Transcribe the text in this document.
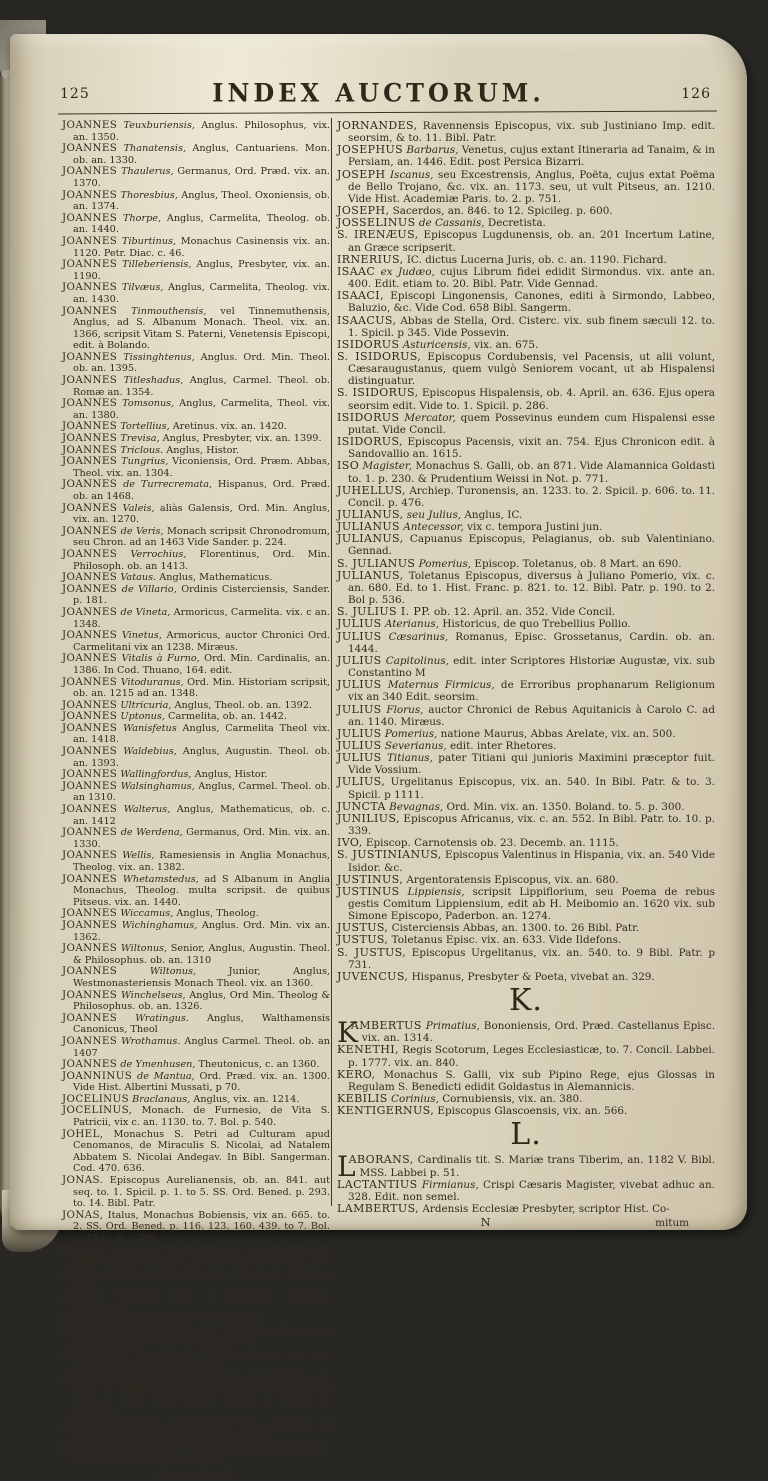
125	INDEX AUCTORUM.	126

JOANNES Teuxburiensis, Anglus. Philosophus, vix. an. 1350.

JOANNES Thanatensis, Anglus, Cantuariens. Mon. ob. an. 1330.

JOANNES Thaulerus, Germanus, Ord. Præd. vix. an. 1370.

JOANNES Thoresbius, Anglus, Theol. Oxoniensis, ob. an. 1374.

JOANNES Thorpe, Anglus, Carmelita, Theolog. ob. an. 1440.

JOANNES Tiburtinus, Monachus Casinensis vix. an. 1120. Petr. Diac. c. 46.

JOANNES Tilleberiensis, Anglus, Presbyter, vix. an. 1190.

JOANNES Tilvæus, Anglus, Carmelita, Theolog. vix. an. 1430.

JOANNES Tinmouthensis, vel Tinnemuthensis, Anglus, ad S. Albanum Monach. Theol. vix. an. 1366, scripsit Vitam S. Paterni, Venetensis Episcopi, edit. à Bolando.

JOANNES Tissinghtenus, Anglus. Ord. Min. Theol. ob. an. 1395.

JOANNES Titleshadus, Anglus, Carmel. Theol. ob. Romæ an. 1354.

JOANNES Tomsonus, Anglus, Carmelita, Theol. vix. an. 1380.

JOANNES Tortellius, Aretinus. vix. an. 1420.

JOANNES Trevisa, Anglus, Presbyter, vix. an. 1399.

JOANNES Triclous. Anglus, Histor.

JOANNES Tungrius, Viconiensis, Ord. Præm. Abbas, Theol. vix. an. 1304.

JOANNES de Turrecremata, Hispanus, Ord. Præd. ob. an 1468.

JOANNES Valeis, aliàs Galensis, Ord. Min. Anglus, vix. an. 1270.

JOANNES de Veris, Monach scripsit Chronodromum, seu Chron. ad an 1463 Vide Sander. p. 224.

JOANNES Verrochius, Florentinus, Ord. Min. Philosoph. ob. an 1413.

JOANNES Vataus. Anglus, Mathematicus.

JOANNES de Villario, Ordinis Cisterciensis, Sander. p. 181.

JOANNES de Vineta, Armoricus, Carmelita. vix. c an. 1348.

JOANNES Vinetus, Armoricus, auctor Chronici Ord. Carmelitani vix an 1238. Miræus.

JOANNES Vitalis à Furno, Ord. Min. Cardinalis, an. 1386. In Cod. Thuano, 164. edit.

JOANNES Vitoduranus, Ord. Min. Historiam scripsit, ob. an. 1215 ad an. 1348.

JOANNES Ultricuria, Anglus, Theol. ob. an. 1392.

JOANNES Uptonus, Carmelita, ob. an. 1442.

JOANNES Wanisfetus Anglus, Carmelita Theol vix. an. 1418.

JOANNES Waldebius, Anglus, Augustin. Theol. ob. an. 1393.

JOANNES Wallingfordus, Anglus, Histor.

JOANNES Walsinghamus, Anglus, Carmel. Theol. ob. an 1310.

JOANNES Walterus, Anglus, Mathematicus, ob. c. an. 1412

JOANNES de Werdena, Germanus, Ord. Min. vix. an. 1330.

JOANNES Wellis, Ramesiensis in Anglia Monachus, Theolog. vix. an. 1382.

JOANNES Whetamstedus, ad S Albanum in Anglia Monachus, Theolog. multa scripsit. de quibus Pitseus. vix. an. 1440.

JOANNES Wiccamus, Anglus, Theolog.

JOANNES Wichinghamus, Anglus. Ord. Min. vix an. 1362.

JOANNES Wiltonus, Senior, Anglus, Augustin. Theol. & Philosophus. ob. an. 1310

JOANNES Wiltonus, Junior, Anglus, Westmonasteriensis Monach Theol. vix. an 1360.

JOANNES Winchelseus, Anglus, Ord Min. Theolog & Philosophus. ob. an. 1326.

JOANNES Wratingus. Anglus, Walthamensis Canonicus, Theol

JOANNES Wrothamus. Anglus Carmel. Theol. ob. an 1407

JOANNES de Ymenhusen, Theutonicus, c. an 1360.

JOANNINUS de Mantua, Ord. Præd. vix. an. 1300. Vide Hist. Albertini Mussati, p 70.

JOCELINUS Braclanaus, Anglus, vix. an. 1214.

JOCELINUS, Monach. de Furnesio, de Vita S. Patricii, vix c. an. 1130. to. 7. Bol. p. 540.

JOHEL, Monachus S. Petri ad Culturam apud Cenomanos, de Miraculis S. Nicolai, ad Natalem Abbatem S. Nicolai Andegav. In Bibl. Sangerman. Cod. 470. 636.

JONAS. Episcopus Aurelianensis, ob. an. 841. aut seq. to. 1. Spicil. p. 1. to 5. SS. Ord. Bened. p. 293. to. 14. Bibl. Patr.

JONAS, Italus, Monachus Bobiensis, vix an. 665. to. 2. SS. Ord. Bened. p. 116. 123. 160. 439. to 7. Bol. p. 43 to. 8. p 786.

JONAS, Monachus Fontanellensis, scriptor Vitæ S. Vulfranni, vix sæculo 8. to. 3. SS. Ord Bened. p. 355

JONAS, Caroli C. Imp. Notarius. Vide to. 4. Spicil. p 496.

JONAS, Scriptor Vitæ S. Hucberti, Episcop. Leodiensis.

JORDANUS, Augustinian. vix. an. 1410.

JORDANUS Magister, vix. an. 1320. Ejus Chronicon edit. à Schardio. Vide Vossium p 788.

JORDANUS Nemorarius, Mathematicus, vix. an. 1235. Edit. Paris. an. 1296. &c.

JORDANUS Quedelinburgius, Saxo. Augustinian. an. 1441. al. 1389. scripsit Vitas Patrum sui Ord. Romæ edit. an. 1587. Vide Sander. 2. part. p. 56, 82. & Miræum.

JORDANUS Ruffus, Calaber, de Cura equorum ad Fridericum Imp. MS. extat etiam Gallicè.

JORDANUS Saxo, Ord. Præd. Theologus Parisiensis, an. 1221. Edit. Romæ an. 1587.

Glossar. Pars I.

JORNANDES, Ravennensis Episcopus, vix. sub Justiniano Imp. edit. seorsim, & to. 11. Bibl. Patr.

JOSEPHUS Barbarus, Venetus, cujus extant Itineraria ad Tanaim, & in Persiam, an. 1446. Edit. post Persica Bizarri.

JOSEPH Iscanus, seu Excestrensis, Anglus, Poëta, cujus extat Poëma de Bello Trojano, &c. vix. an. 1173. seu, ut vult Pitseus, an. 1210. Vide Hist. Academiæ Paris. to. 2. p. 751.

JOSEPH, Sacerdos, an. 846. to 12. Spicileg. p. 600.

JOSSELINUS de Cassanis, Decretista.

S. IRENÆUS, Episcopus Lugdunensis, ob. an. 201 Incertum Latine, an Græce scripserit.

IRNERIUS, IC. dictus Lucerna Juris, ob. c. an. 1190. Fichard.

ISAAC ex Judæo, cujus Librum fidei edidit Sirmondus. vix. ante an. 400. Edit. etiam to. 20. Bibl. Patr. Vide Gennad.

ISAACI, Episcopi Lingonensis, Canones, editi à Sirmondo, Labbeo, Baluzio, &c. Vide Cod. 658 Bibl. Sangerm.

ISAACUS, Abbas de Stella, Ord. Cisterc. vix. sub finem sæculi 12. to. 1. Spicil. p 345. Vide Possevin.

ISIDORUS Asturicensis, vix. an. 675.

S. ISIDORUS, Episcopus Cordubensis, vel Pacensis, ut alii volunt, Cæsaraugustanus, quem vulgò Seniorem vocant, ut ab Hispalensi distinguatur.

S. ISIDORUS, Episcopus Hispalensis, ob. 4. April. an. 636. Ejus opera seorsim edit. Vide to. 1. Spicil. p. 286.

ISIDORUS Mercator, quem Possevinus eundem cum Hispalensi esse putat. Vide Concil.

ISIDORUS, Episcopus Pacensis, vixit an. 754. Ejus Chronicon edit. à Sandovallio an. 1615.

ISO Magister, Monachus S. Galli, ob. an 871. Vide Alamannica Goldasti to. 1. p. 230. & Prudentium Weissi in Not. p. 771.

JUHELLUS, Archiep. Turonensis, an. 1233. to. 2. Spicil. p. 606. to. 11. Concil. p. 476.

JULIANUS, seu Julius, Anglus, IC.

JULIANUS Antecessor, vix c. tempora Justini jun.

JULIANUS, Capuanus Episcopus, Pelagianus, ob. sub Valentiniano. Gennad.

S. JULIANUS Pomerius, Episcop. Toletanus, ob. 8 Mart. an 690.

JULIANUS, Toletanus Episcopus, diversus à Juliano Pomerio, vix. c. an. 680. Ed. to 1. Hist. Franc. p. 821. to. 12. Bibl. Patr. p. 190. to 2. Bol p. 536.

S. JULIUS I. PP. ob. 12. April. an. 352. Vide Concil.

JULIUS Aterianus, Historicus, de quo Trebellius Pollio.

JULIUS Cæsarinus, Romanus, Episc. Grossetanus, Cardin. ob. an. 1444.

JULIUS Capitolinus, edit. inter Scriptores Historiæ Augustæ, vix. sub Constantino M

JULIUS Maternus Firmicus, de Erroribus prophanarum Religionum vix an 340 Edit. seorsim.

JULIUS Florus, auctor Chronici de Rebus Aquitanicis à Carolo C. ad an. 1140. Miræus.

JULIUS Pomerius, natione Maurus, Abbas Arelate, vix. an. 500.

JULIUS Severianus, edit. inter Rhetores.

JULIUS Titianus, pater Titiani qui junioris Maximini præceptor fuit. Vide Vossium.

JULIUS, Urgelitanus Episcopus, vix. an. 540. In Bibl. Patr. & to. 3. Spicil. p 1111.

JUNCTA Bevagnas, Ord. Min. vix. an. 1350. Boland. to. 5. p. 300.

JUNILIUS, Episcopus Africanus, vix. c. an. 552. In Bibl. Patr. to. 10. p. 339.

IVO, Episcop. Carnotensis ob. 23. Decemb. an. 1115.

S. JUSTINIANUS, Episcopus Valentinus in Hispania, vix. an. 540 Vide Isidor. &c.

JUSTINUS, Argentoratensis Episcopus, vix. an. 680.

JUSTINUS Lippiensis, scripsit Lippiflorium, seu Poema de rebus gestis Comitum Lippiensium, edit ab H. Meibomio an. 1620 vix. sub Simone Episcopo, Paderbon. an. 1274.

JUSTUS, Cisterciensis Abbas, an. 1300. to. 26 Bibl. Patr.

JUSTUS, Toletanus Episc. vix. an. 633. Vide Ildefons.

S. JUSTUS, Episcopus Urgelitanus, vix. an. 540. to. 9 Bibl. Patr. p 731.

JUVENCUS, Hispanus, Presbyter & Poeta, vivebat an. 329.

K.

K
AMBERTUS Primatius, Bononiensis, Ord. Præd. Castellanus Episc. vix. an. 1314.

KENETHI, Regis Scotorum, Leges Ecclesiasticæ, to. 7. Concil. Labbei. p. 1777. vix. an. 840.

KERO, Monachus S. Galli, vix sub Pipino Rege, ejus Glossas in Regulam S. Benedicti edidit Goldastus in Alemannicis.

KEBILIS Corinius, Cornubiensis, vix. an. 380.

KENTIGERNUS, Episcopus Glascoensis, vix. an. 566.

L.

L
ABORANS, Cardinalis tit. S. Mariæ trans Tiberim, an. 1182 V. Bibl. MSS. Labbei p. 51.

LACTANTIUS Firmianus, Crispi Cæsaris Magister, vivebat adhuc an. 328. Edit. non semel.

LAMBERTUS, Ardensis Ecclesiæ Presbyter, scriptor Hist. Co-

N	mitum
